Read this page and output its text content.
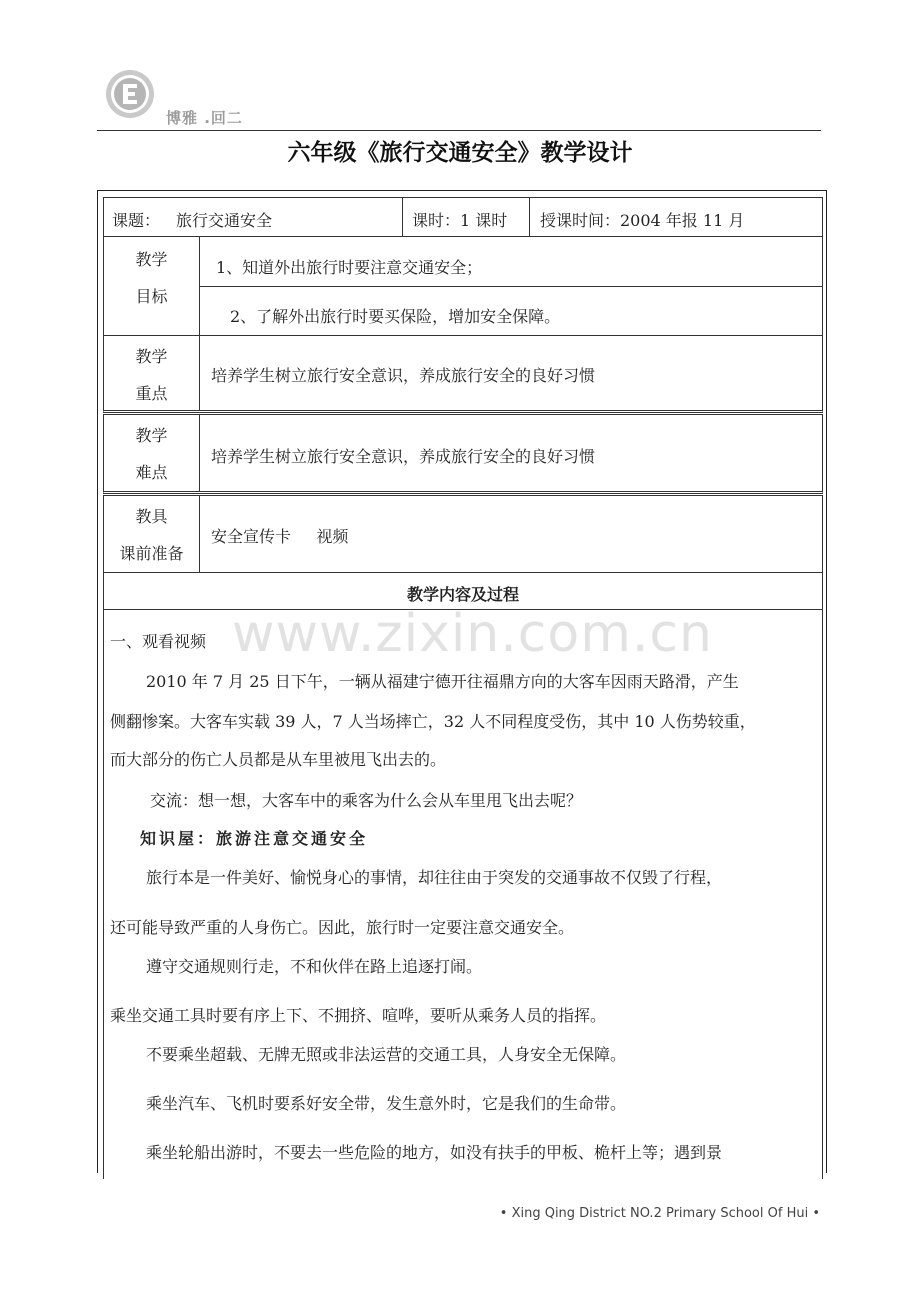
博雅 .回二
六年级《旅行交通安全》教学设计
课题： 旅行交通安全	课时：1 课时 授课时间：2004 年报 11 月
教学
目标
1、知道外出旅行时要注意交通安全；
2、了解外出旅行时要买保险，增加安全保障。
教学
重点
培养学生树立旅行安全意识，养成旅行安全的良好习惯
教学
难点
培养学生树立旅行安全意识，养成旅行安全的良好习惯
教具
课前准备
安全宣传卡     视频
教学内容及过程
一、观看视频
2010 年 7 月 25 日下午，一辆从福建宁德开往福鼎方向的大客车因雨天路滑，产生
侧翻惨案。大客车实载 39 人，7 人当场摔亡，32 人不同程度受伤，其中 10 人伤势较重，
而大部分的伤亡人员都是从车里被甩飞出去的。
交流：想一想，大客车中的乘客为什么会从车里甩飞出去呢？
知识屋：旅游注意交通安全
旅行本是一件美好、愉悦身心的事情，却往往由于突发的交通事故不仅毁了行程，
还可能导致严重的人身伤亡。因此，旅行时一定要注意交通安全。
遵守交通规则行走，不和伙伴在路上追逐打闹。
乘坐交通工具时要有序上下、不拥挤、喧哗，要听从乘务人员的指挥。
不要乘坐超载、无牌无照或非法运营的交通工具，人身安全无保障。
乘坐汽车、飞机时要系好安全带，发生意外时，它是我们的生命带。
乘坐轮船出游时，不要去一些危险的地方，如没有扶手的甲板、桅杆上等；遇到景
www.zixin.com.cn
• Xing Qing District NO.2 Primary School Of Hui •
